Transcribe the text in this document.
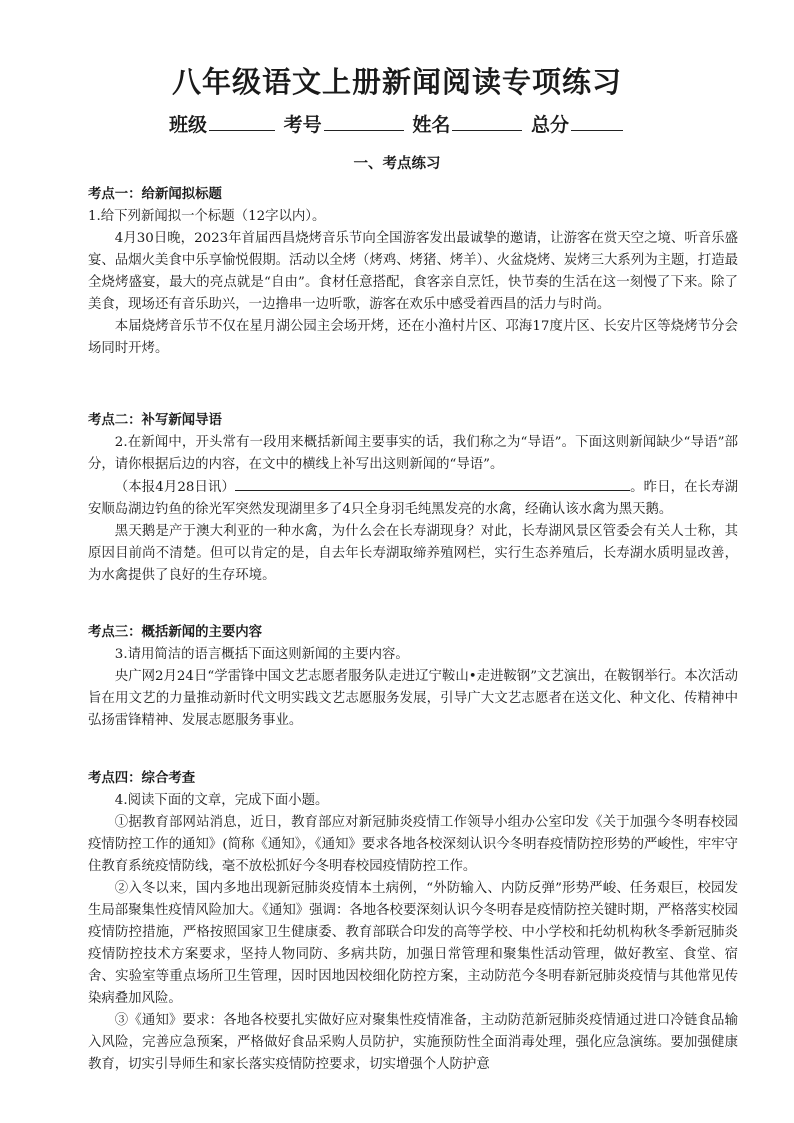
八年级语文上册新闻阅读专项练习
班级	考号	姓名	总分
一、考点练习

考点一：给新闻拟标题

1.给下列新闻拟一个标题（12字以内）。

4月30日晚，2023年首届西昌烧烤音乐节向全国游客发出最诚挚的邀请，让游客在赏天空之境、听音乐盛宴、品烟火美食中乐享愉悦假期。活动以全烤（烤鸡、烤猪、烤羊）、火盆烧烤、炭烤三大系列为主题，打造最全烧烤盛宴，最大的亮点就是“自由”。食材任意搭配，食客亲自烹饪，快节奏的生活在这一刻慢了下来。除了美食，现场还有音乐助兴，一边撸串一边听歌，游客在欢乐中感受着西昌的活力与时尚。

本届烧烤音乐节不仅在星月湖公园主会场开烤，还在小渔村片区、邛海17度片区、长安片区等烧烤节分会场同时开烤。

考点二：补写新闻导语

2.在新闻中，开头常有一段用来概括新闻主要事实的话，我们称之为“导语”。下面这则新闻缺少“导语”部分，请你根据后边的内容，在文中的横线上补写出这则新闻的“导语”。

（本报4月28日讯）	。昨日，在长寿湖安顺岛湖边钓鱼的徐光军突然发现湖里多了4只全身羽毛纯黑发亮的水禽，经确认该水禽为黑天鹅。

黑天鹅是产于澳大利亚的一种水禽，为什么会在长寿湖现身？对此，长寿湖风景区管委会有关人士称，其原因目前尚不清楚。但可以肯定的是，自去年长寿湖取缔养殖网栏，实行生态养殖后，长寿湖水质明显改善，为水禽提供了良好的生存环境。

考点三：概括新闻的主要内容

3.请用简洁的语言概括下面这则新闻的主要内容。

央广网2月24日“学雷锋中国文艺志愿者服务队走进辽宁鞍山•走进鞍钢”文艺演出，在鞍钢举行。本次活动旨在用文艺的力量推动新时代文明实践文艺志愿服务发展，引导广大文艺志愿者在送文化、种文化、传精神中弘扬雷锋精神、发展志愿服务事业。

考点四：综合考查

4.阅读下面的文章，完成下面小题。

①据教育部网站消息，近日，教育部应对新冠肺炎疫情工作领导小组办公室印发《关于加强今冬明春校园疫情防控工作的通知》(简称《通知》，《通知》要求各地各校深刻认识今冬明春疫情防控形势的严峻性，牢牢守住教育系统疫情防线，毫不放松抓好今冬明春校园疫情防控工作。

②入冬以来，国内多地出现新冠肺炎疫情本土病例，“外防输入、内防反弹”形势严峻、任务艰巨，校园发生局部聚集性疫情风险加大。《通知》强调：各地各校要深刻认识今冬明春是疫情防控关键时期，严格落实校园疫情防控措施，严格按照国家卫生健康委、教育部联合印发的高等学校、中小学校和托幼机构秋冬季新冠肺炎疫情防控技术方案要求，坚持人物同防、多病共防，加强日常管理和聚集性活动管理，做好教室、食堂、宿舍、实验室等重点场所卫生管理，因时因地因校细化防控方案，主动防范今冬明春新冠肺炎疫情与其他常见传染病叠加风险。

③《通知》要求：各地各校要扎实做好应对聚集性疫情准备，主动防范新冠肺炎疫情通过进口冷链食品输入风险，完善应急预案，严格做好食品采购人员防护，实施预防性全面消毒处理，强化应急演练。要加强健康教育，切实引导师生和家长落实疫情防控要求，切实增强个人防护意
